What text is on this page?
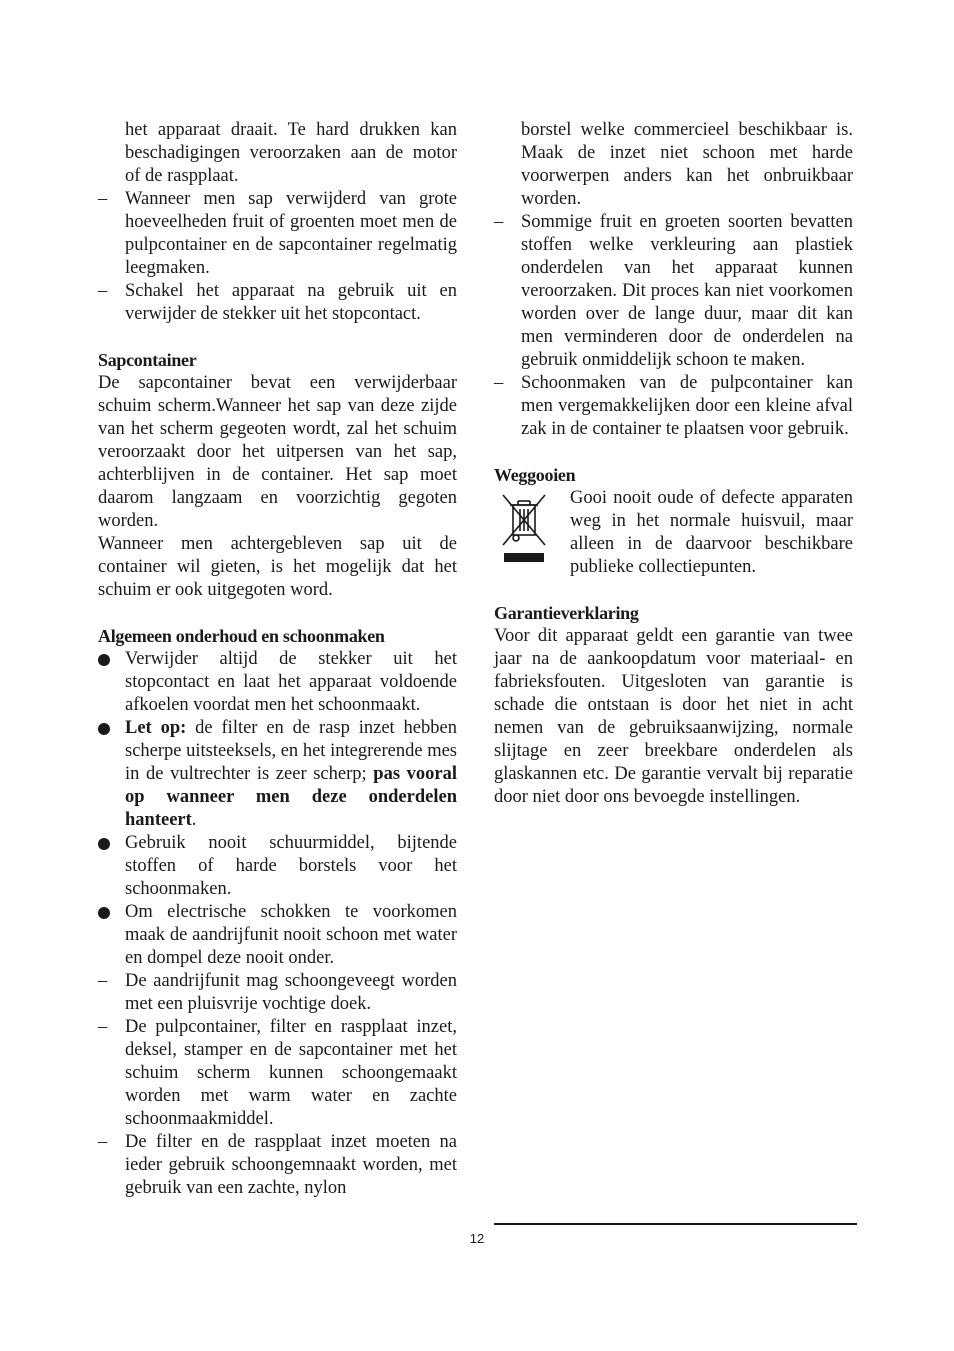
het apparaat draait. Te hard drukken kan beschadigingen veroorzaken aan de motor of de raspplaat.

– Wanneer men sap verwijderd van grote hoeveelheden fruit of groenten moet men de pulpcontainer en de sapcontainer regelmatig leegmaken.
– Schakel het apparaat na gebruik uit en verwijder de stekker uit het stopcontact.
Sapcontainer

De sapcontainer bevat een verwijderbaar schuim scherm.Wanneer het sap van deze zijde van het scherm gegeoten wordt, zal het schuim veroorzaakt door het uitpersen van het sap, achterblijven in de container. Het sap moet daarom langzaam en voorzichtig gegoten worden.

Wanneer men achtergebleven sap uit de container wil gieten, is het mogelijk dat het schuim er ook uitgegoten word.

Algemeen onderhoud en schoonmaken
Verwijder altijd de stekker uit het stopcontact en laat het apparaat voldoende afkoelen voordat men het schoonmaakt.
Let op: de filter en de rasp inzet hebben scherpe uitsteeksels, en het integrerende mes in de vultrechter is zeer scherp; pas vooral op wanneer men deze onderdelen hanteert.
Gebruik nooit schuurmiddel, bijtende stoffen of harde borstels voor het schoonmaken.
Om electrische schokken te voorkomen maak de aandrijfunit nooit schoon met water en dompel deze nooit onder.
– De aandrijfunit mag schoongeveegt worden met een pluisvrije vochtige doek.
– De pulpcontainer, filter en raspplaat inzet, deksel, stamper en de sapcontainer met het schuim scherm kunnen schoongemaakt worden met warm water en zachte schoonmaakmiddel.
– De filter en de raspplaat inzet moeten na ieder gebruik schoongemnaakt worden, met gebruik van een zachte, nylon

borstel welke commercieel beschikbaar is. Maak de inzet niet schoon met harde voorwerpen anders kan het onbruikbaar worden.

– Sommige fruit en groeten soorten bevatten stoffen welke verkleuring aan plastiek onderdelen van het apparaat kunnen veroorzaken. Dit proces kan niet voorkomen worden over de lange duur, maar dit kan men verminderen door de onderdelen na gebruik onmiddelijk schoon te maken.
– Schoonmaken van de pulpcontainer kan men vergemakkelijken door een kleine afval zak in de container te plaatsen voor gebruik.
Weggooien

Gooi nooit oude of defecte apparaten weg in het normale huisvuil, maar alleen in de daarvoor beschikbare publieke collectiepunten.

Garantieverklaring

Voor dit apparaat geldt een garantie van twee jaar na de aankoopdatum voor materiaal- en fabrieksfouten. Uitgesloten van garantie is schade die ontstaan is door het niet in acht nemen van de gebruiksaanwijzing, normale slijtage en zeer breekbare onderdelen als glaskannen etc. De garantie vervalt bij reparatie door niet door ons bevoegde instellingen.

12
